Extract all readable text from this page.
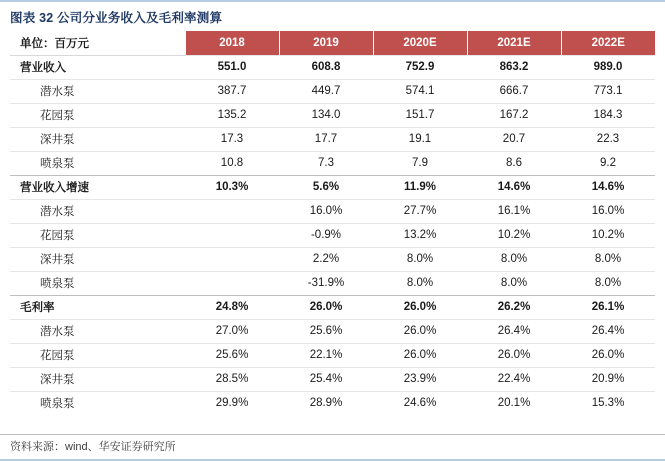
图表 32 公司分业务收入及毛利率测算
单位：百万元	2018	2019	2020E	2021E	2022E
营业收入	551.0	608.8	752.9	863.2	989.0
潜水泵	387.7	449.7	574.1	666.7	773.1
花园泵	135.2	134.0	151.7	167.2	184.3
深井泵	17.3	17.7	19.1	20.7	22.3
喷泉泵	10.8	7.3	7.9	8.6	9.2
营业收入增速	10.3%	5.6%	11.9%	14.6%	14.6%
潜水泵		16.0%	27.7%	16.1%	16.0%
花园泵		-0.9%	13.2%	10.2%	10.2%
深井泵		2.2%	8.0%	8.0%	8.0%
喷泉泵		-31.9%	8.0%	8.0%	8.0%
毛利率	24.8%	26.0%	26.0%	26.2%	26.1%
潜水泵	27.0%	25.6%	26.0%	26.4%	26.4%
花园泵	25.6%	22.1%	26.0%	26.0%	26.0%
深井泵	28.5%	25.4%	23.9%	22.4%	20.9%
喷泉泵	29.9%	28.9%	24.6%	20.1%	15.3%
资料来源：wind、华安证券研究所
